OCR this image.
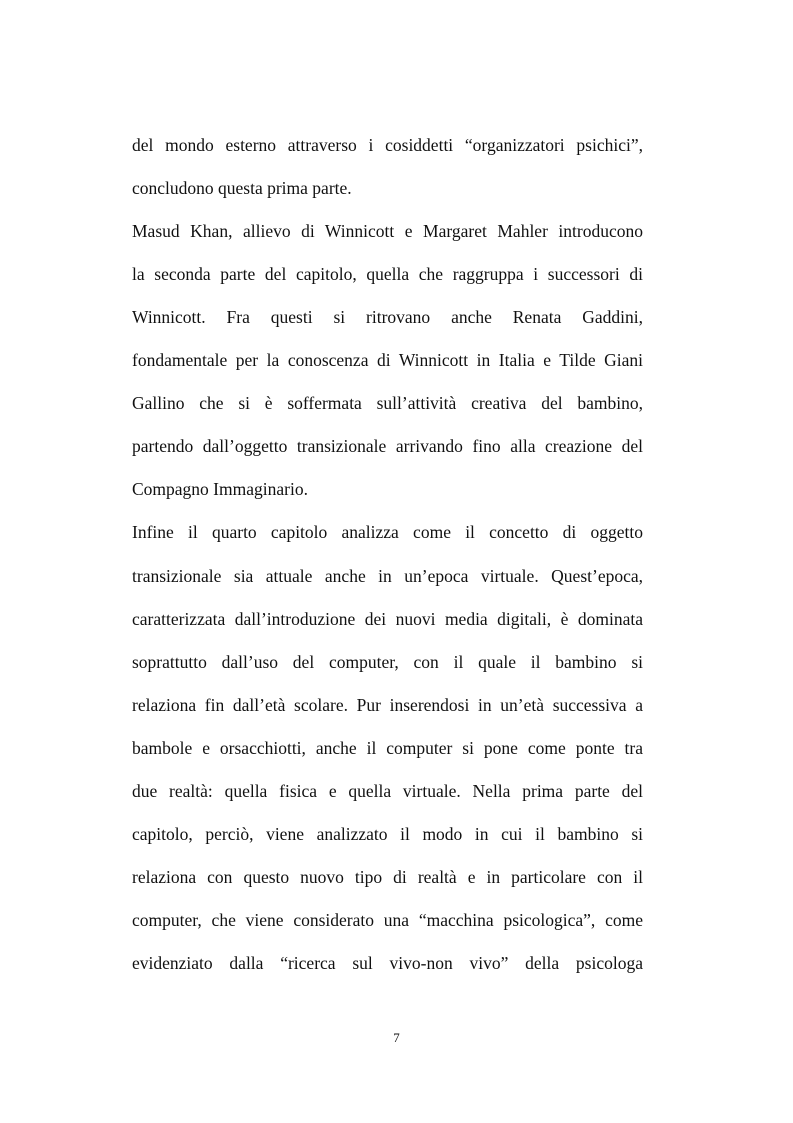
del mondo esterno attraverso i cosiddetti “organizzatori psichici”,
concludono questa prima parte.
Masud Khan, allievo di Winnicott e Margaret Mahler introducono
la seconda parte del capitolo, quella che raggruppa i successori di
Winnicott. Fra questi si ritrovano anche Renata Gaddini,
fondamentale per la conoscenza di Winnicott in Italia e Tilde Giani
Gallino che si è soffermata sull’attività creativa del bambino,
partendo dall’oggetto transizionale arrivando fino alla creazione del
Compagno Immaginario.
Infine il quarto capitolo analizza come il concetto di oggetto
transizionale sia attuale anche in un’epoca virtuale. Quest’epoca,
caratterizzata dall’introduzione dei nuovi media digitali, è dominata
soprattutto dall’uso del computer, con il quale il bambino si
relaziona fin dall’età scolare. Pur inserendosi in un’età successiva a
bambole e orsacchiotti, anche il computer si pone come ponte tra
due realtà: quella fisica e quella virtuale. Nella prima parte del
capitolo, perciò, viene analizzato il modo in cui il bambino si
relaziona con questo nuovo tipo di realtà e in particolare con il
computer, che viene considerato una “macchina psicologica”, come
evidenziato dalla “ricerca sul vivo-non vivo” della psicologa
7
